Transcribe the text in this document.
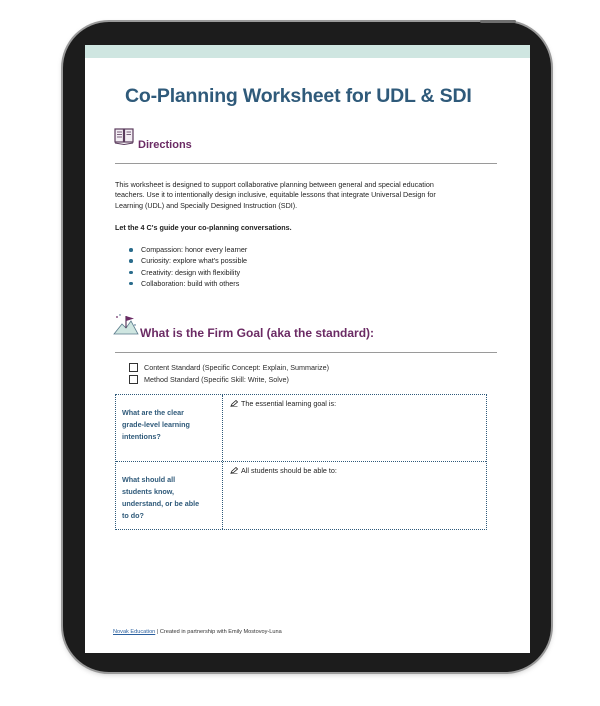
Co-Planning Worksheet for UDL & SDI
Directions

This worksheet is designed to support collaborative planning between general and special education
teachers. Use it to intentionally design inclusive, equitable lessons that integrate Universal Design for
Learning (UDL) and Specially Designed Instruction (SDI).

Let the 4 C's guide your co-planning conversations.

Compassion: honor every learner
Curiosity: explore what's possible
Creativity: design with flexibility
Collaboration: build with others
What is the Firm Goal (aka the standard):
Content Standard (Specific Concept: Explain, Summarize)
Method Standard (Specific Skill: Write, Solve)
What are the clear
grade-level learning
intentions?
The essential learning goal is:
What should all
students know,
understand, or be able
to do?
All students should be able to:
Novak Education | Created in partnership with Emily Mostovoy-Luna
